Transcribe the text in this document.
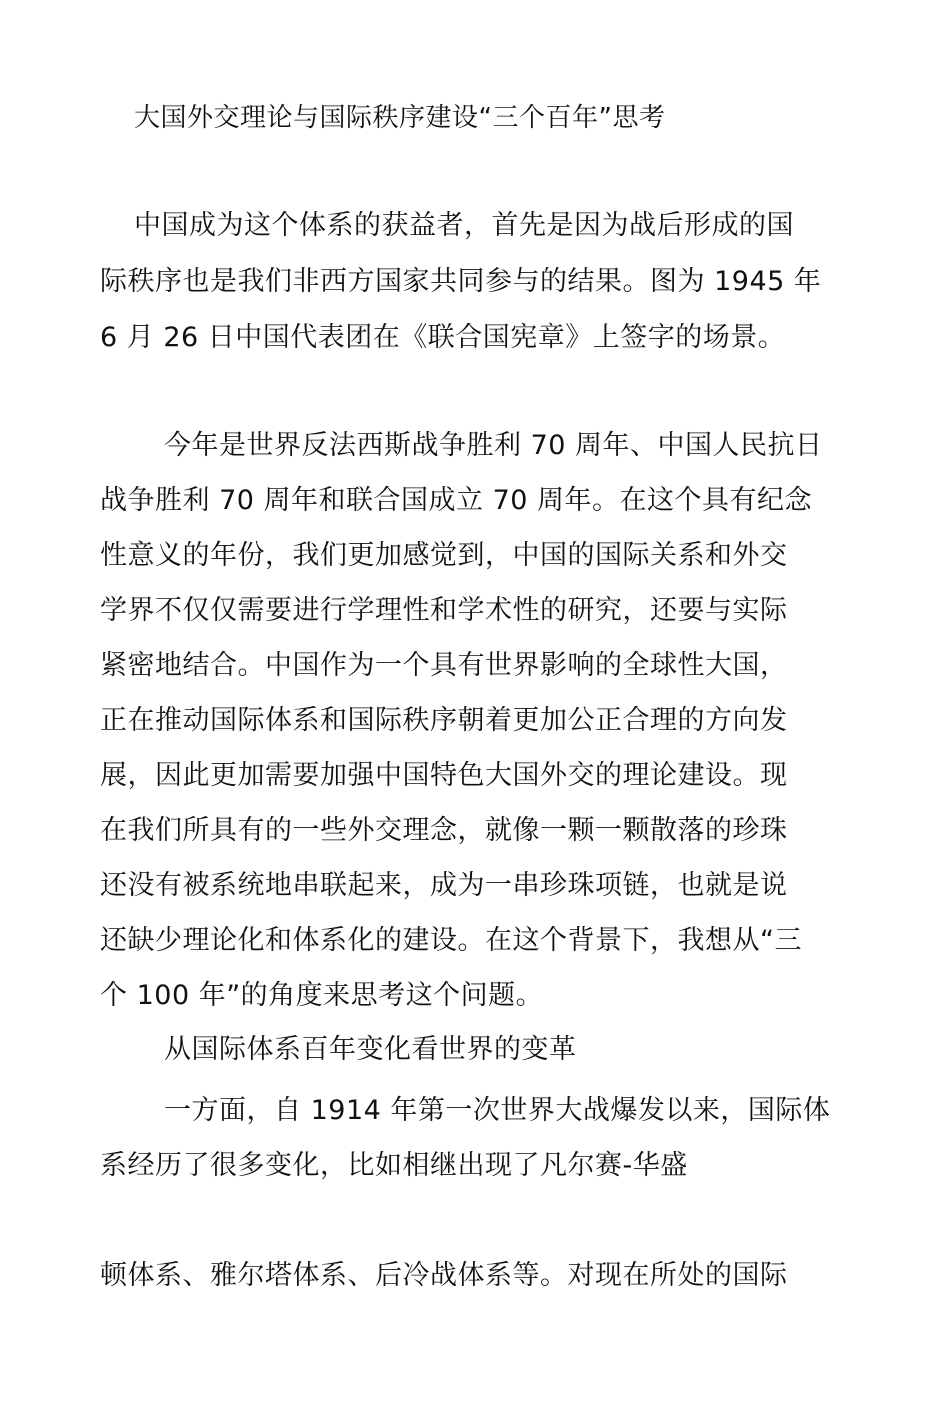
大国外交理论与国际秩序建设“三个百年”思考
中国成为这个体系的获益者，首先是因为战后形成的国
际秩序也是我们非西方国家共同参与的结果。图为 1945 年
6 月 26 日中国代表团在《联合国宪章》上签字的场景。
今年是世界反法西斯战争胜利 70 周年、中国人民抗日
战争胜利 70 周年和联合国成立 70 周年。在这个具有纪念
性意义的年份，我们更加感觉到，中国的国际关系和外交
学界不仅仅需要进行学理性和学术性的研究，还要与实际
紧密地结合。中国作为一个具有世界影响的全球性大国，
正在推动国际体系和国际秩序朝着更加公正合理的方向发
展，因此更加需要加强中国特色大国外交的理论建设。现
在我们所具有的一些外交理念，就像一颗一颗散落的珍珠
还没有被系统地串联起来，成为一串珍珠项链，也就是说
还缺少理论化和体系化的建设。在这个背景下，我想从“三
个 100 年”的角度来思考这个问题。
从国际体系百年变化看世界的变革
一方面，自 1914 年第一次世界大战爆发以来，国际体
系经历了很多变化，比如相继出现了凡尔赛-华盛
顿体系、雅尔塔体系、后冷战体系等。对现在所处的国际
